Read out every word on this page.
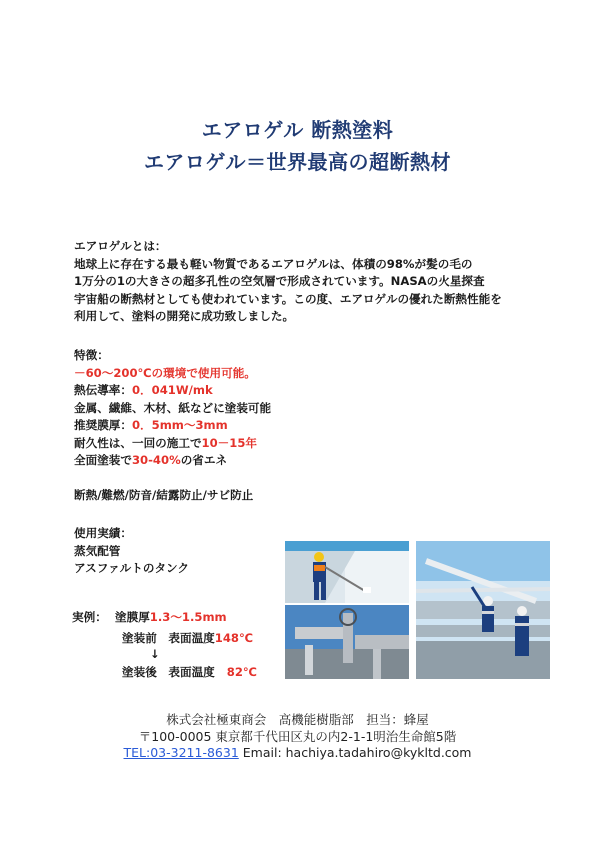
エアロゲル 断熱塗料
エアロゲル＝世界最高の超断熱材
エアロゲルとは：
地球上に存在する最も軽い物質であるエアロゲルは、体積の98%が髪の毛の
1万分の1の大きさの超多孔性の空気層で形成されています。NASAの火星探査
宇宙船の断熱材としても使われています。この度、エアロゲルの優れた断熱性能を
利用して、塗料の開発に成功致しました。
特徴：
－60～200℃の環境で使用可能。
熱伝導率：0．041W/mk
金属、繊維、木材、紙などに塗装可能
推奨膜厚：0．5mm～3mm
耐久性は、一回の施工で10－15年
全面塗装で30-40%の省エネ
断熱/難燃/防音/結露防止/サビ防止
使用実績：
蒸気配管
アスファルトのタンク
実例： 塗膜厚1.3～1.5mm
塗装前　表面温度148℃
↓
塗装後　表面温度 82℃
株式会社極東商会　高機能樹脂部　担当：蜂屋
〒100-0005 東京都千代田区丸の内2-1-1明治生命館5階
TEL:03-3211-8631 Email: hachiya.tadahiro@kykltd.com
